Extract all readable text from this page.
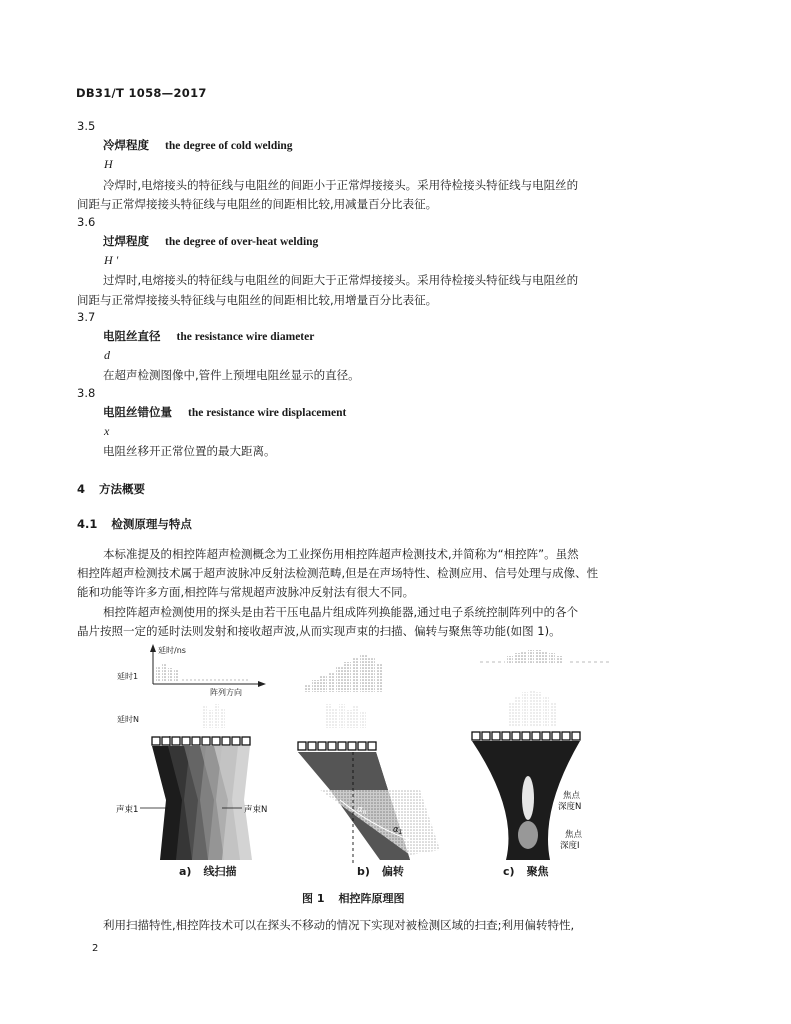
DB31/T 1058—2017
3.5
冷焊程度 the degree of cold welding
H
冷焊时,电熔接头的特征线与电阻丝的间距小于正常焊接接头。采用待检接头特征线与电阻丝的
间距与正常焊接接头特征线与电阻丝的间距相比较,用减量百分比表征。
3.6
过焊程度 the degree of over-heat welding
H ′
过焊时,电熔接头的特征线与电阻丝的间距大于正常焊接接头。采用待检接头特征线与电阻丝的
间距与正常焊接接头特征线与电阻丝的间距相比较,用增量百分比表征。
3.7
电阻丝直径 the resistance wire diameter
d
在超声检测图像中,管件上预埋电阻丝显示的直径。
3.8
电阻丝错位量 the resistance wire displacement
x
电阻丝移开正常位置的最大距离。
4 方法概要
4.1 检测原理与特点
本标准提及的相控阵超声检测概念为工业探伤用相控阵超声检测技术,并简称为“相控阵”。虽然
相控阵超声检测技术属于超声波脉冲反射法检测范畴,但是在声场特性、检测应用、信号处理与成像、性
能和功能等许多方面,相控阵与常规超声波脉冲反射法有很大不同。
相控阵超声检测使用的探头是由若干压电晶片组成阵列换能器,通过电子系统控制阵列中的各个
晶片按照一定的延时法则发射和接收超声波,从而实现声束的扫描、偏转与聚焦等功能(如图 1)。
延时/ns
延时1
阵列方向
延时N
声束1	声束N	$\alpha_n$
$\alpha_1$
焦点
深度N
焦点
深度Ⅰ
a) 线扫描	b) 偏转	c) 聚焦
图 1 相控阵原理图
利用扫描特性,相控阵技术可以在探头不移动的情况下实现对被检测区域的扫查;利用偏转特性,
2
